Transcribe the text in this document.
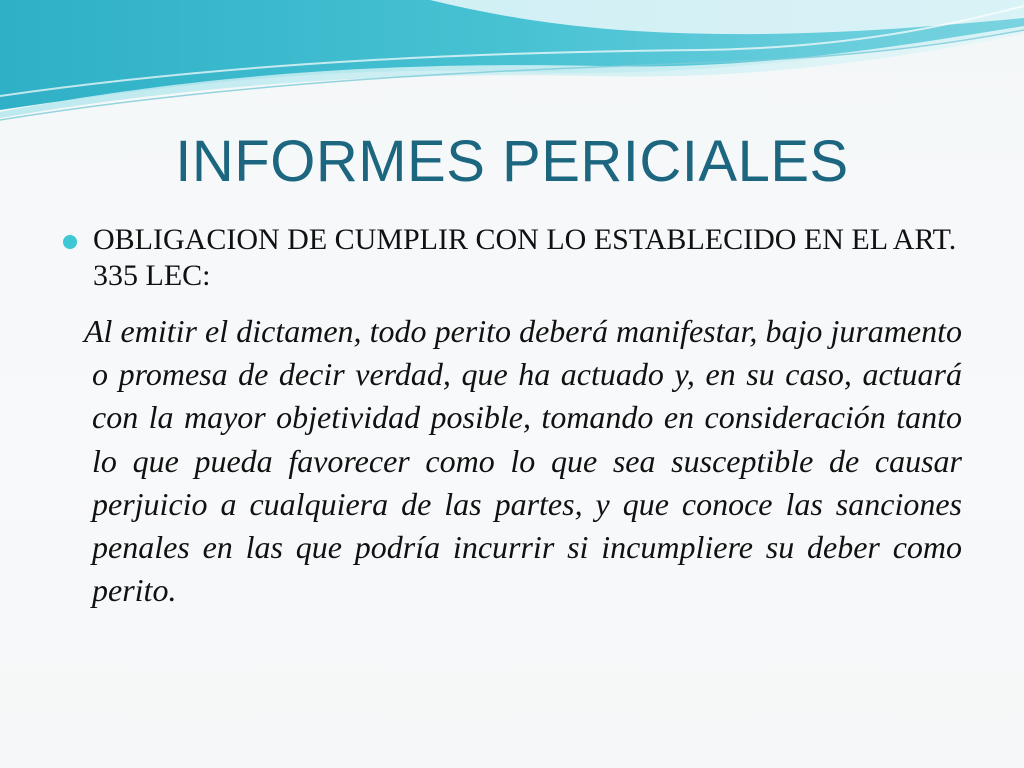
INFORMES PERICIALES

OBLIGACION DE CUMPLIR CON LO ESTABLECIDO EN EL ART. 335 LEC:

Al emitir el dictamen, todo perito deberá manifestar, bajo juramento o promesa de decir verdad, que ha actuado y, en su caso, actuará con la mayor objetividad posible, tomando en consideración tanto lo que pueda favorecer como lo que sea susceptible de causar perjuicio a cualquiera de las partes, y que conoce las sanciones penales en las que podría incurrir si incumpliere su deber como perito.
